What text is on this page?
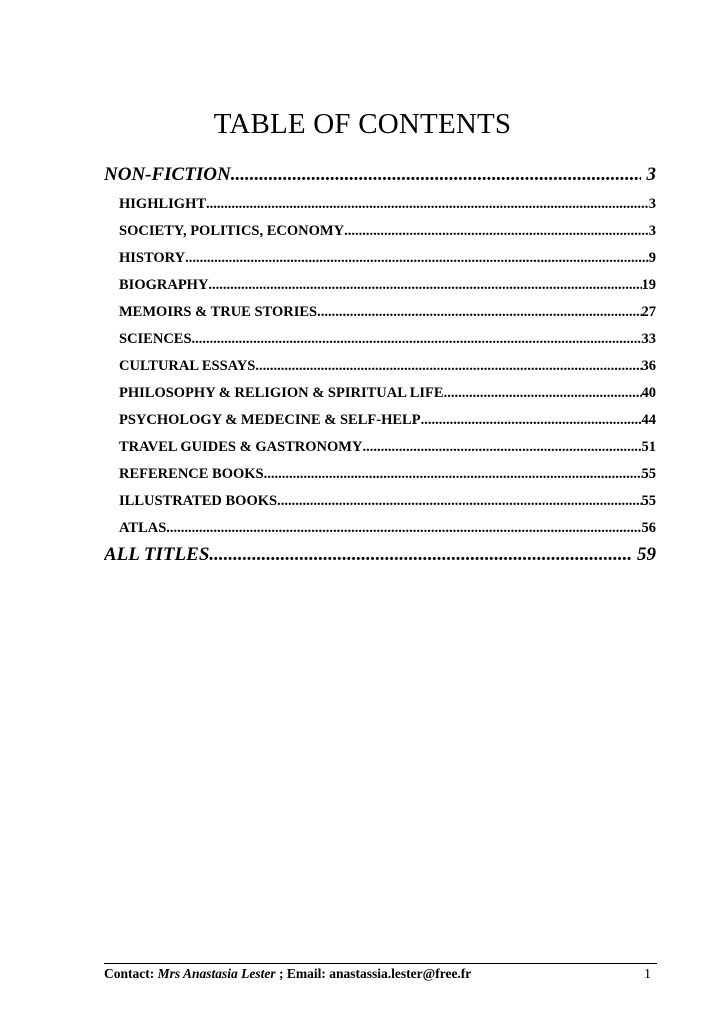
TABLE OF CONTENTS
NON-FICTION .....	3
HIGHLIGHT .....	3
SOCIETY, POLITICS, ECONOMY .....	3
HISTORY .....	9
BIOGRAPHY .....	19
MEMOIRS & TRUE STORIES .....	27
SCIENCES .....	33
CULTURAL ESSAYS .....	36
PHILOSOPHY & RELIGION & SPIRITUAL LIFE .....	40
PSYCHOLOGY & MEDECINE & SELF-HELP .....	44
TRAVEL GUIDES & GASTRONOMY .....	51
REFERENCE BOOKS .....	55
ILLUSTRATED BOOKS .....	55
ATLAS .....	56
ALL TITLES .....	59
Contact: Mrs Anastasia Lester ; Email: anastassia.lester@free.fr	1
